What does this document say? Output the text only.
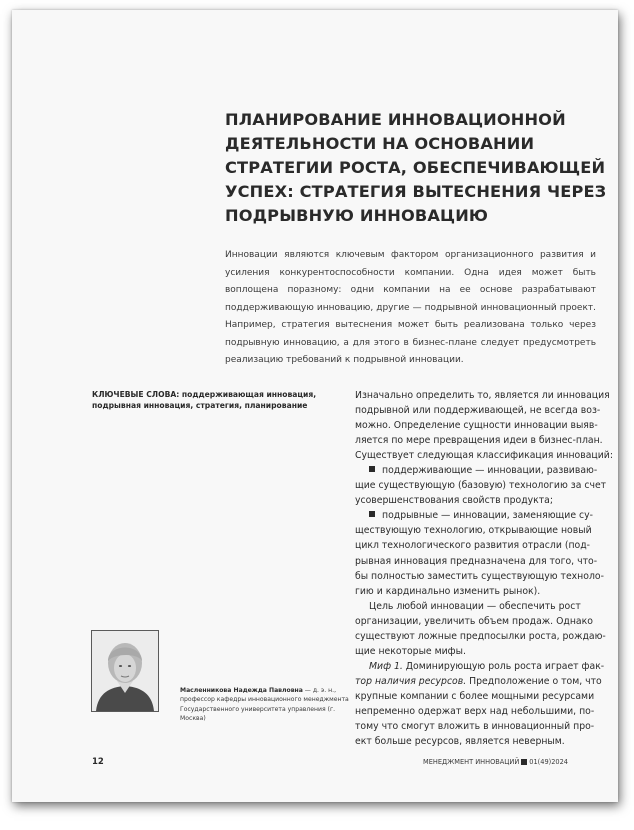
ПЛАНИРОВАНИЕ ИННОВАЦИОННОЙ
ДЕЯТЕЛЬНОСТИ НА ОСНОВАНИИ
СТРАТЕГИИ РОСТА, ОБЕСПЕЧИВАЮЩЕЙ
УСПЕХ: СТРАТЕГИЯ ВЫТЕСНЕНИЯ ЧЕРЕЗ
ПОДРЫВНУЮ ИННОВАЦИЮ

Инновации являются ключевым фактором организационного развития и усиления конкурентоспособности компании. Одна идея может быть воплощена поразному: одни компании на ее основе разрабатывают поддерживающую инновацию, другие — подрывной инновационный проект. Например, стратегия вытеснения может быть реализована только через подрывную инновацию, а для этого в бизнес-плане следует предусмотреть реализацию требований к подрывной инновации.

КЛЮЧЕВЫЕ СЛОВА: поддерживающая инновация, подрывная инновация, стратегия, планирование
Масленникова Надежда Павловна — д. э. н., профессор кафедры инновационного менеджмента Государственного университета управления (г. Москва)
Изначально определить то, является ли инновация
подрывной или поддерживающей, не всегда воз-
можно. Определение сущности инновации выяв-
ляется по мере превращения идеи в бизнес-план.
Существует следующая классификация инноваций:
поддерживающие — инновации, развиваю-
щие существующую (базовую) технологию за счет
усовершенствования свойств продукта;
подрывные — инновации, заменяющие су-
ществующую технологию, открывающие новый
цикл технологического развития отрасли (под-
рывная инновация предназначена для того, что-
бы полностью заместить существующую техноло-
гию и кардинально изменить рынок).
Цель любой инновации — обеспечить рост
организации, увеличить объем продаж. Однако
существуют ложные предпосылки роста, рождаю-
щие некоторые мифы.
Миф 1. Доминирующую роль роста играет фак-
тор наличия ресурсов. Предположение о том, что
крупные компании с более мощными ресурсами
непременно одержат верх над небольшими, по-
тому что смогут вложить в инновационный про-
ект больше ресурсов, является неверным.
12	МЕНЕДЖМЕНТ ИННОВАЦИЙ 01(49)2024
